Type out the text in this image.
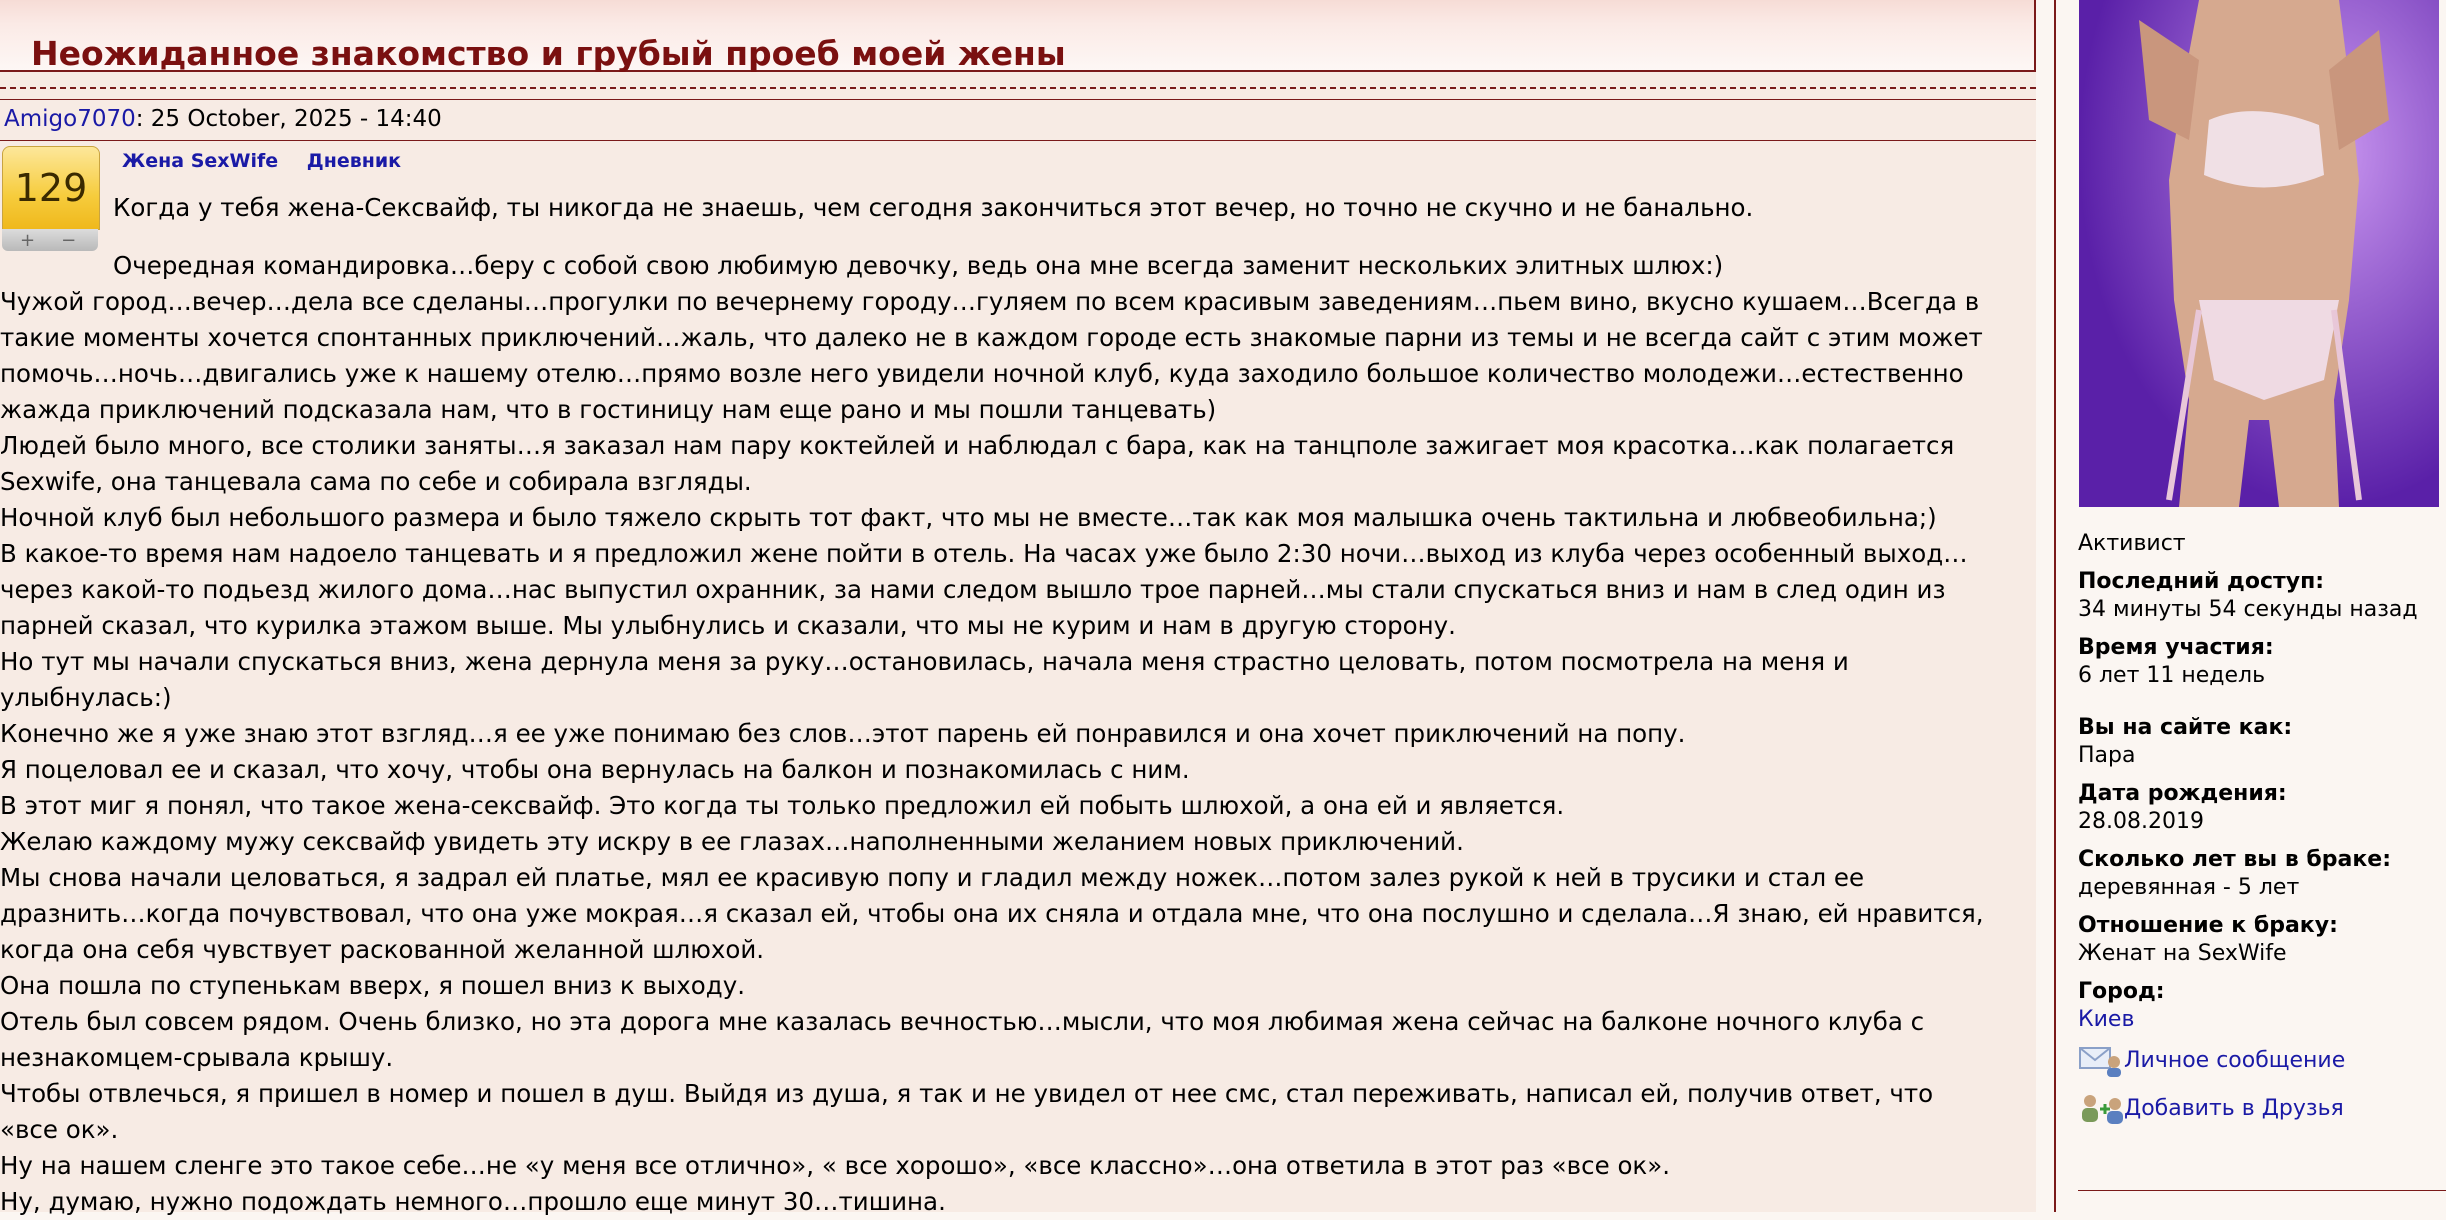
Неожиданное знакомство и грубый проеб моей жены
Amigo7070: 25 October, 2025 - 14:40
129
+ −
Жена SexWife Дневник

Когда у тебя жена-Сексвайф, ты никогда не знаешь, чем сегодня закончиться этот вечер, но точно не скучно и не банально.

Очередная командировка…беру с собой свою любимую девочку, ведь она мне всегда заменит нескольких элитных шлюх:)

Чужой город…вечер…дела все сделаны…прогулки по вечернему городу…гуляем по всем красивым заведениям…пьем вино, вкусно кушаем…Всегда в

такие моменты хочется спонтанных приключений…жаль, что далеко не в каждом городе есть знакомые парни из темы и не всегда сайт с этим может

помочь…ночь…двигались уже к нашему отелю…прямо возле него увидели ночной клуб, куда заходило большое количество молодежи…естественно

жажда приключений подсказала нам, что в гостиницу нам еще рано и мы пошли танцевать)

Людей было много, все столики заняты…я заказал нам пару коктейлей и наблюдал с бара, как на танцполе зажигает моя красотка…как полагается

Sexwife, она танцевала сама по себе и собирала взгляды.

Ночной клуб был небольшого размера и было тяжело скрыть тот факт, что мы не вместе…так как моя малышка очень тактильна и любвеобильна;)

В какое-то время нам надоело танцевать и я предложил жене пойти в отель. На часах уже было 2:30 ночи…выход из клуба через особенный выход…

через какой-то подьезд жилого дома…нас выпустил охранник, за нами следом вышло трое парней…мы стали спускаться вниз и нам в след один из

парней сказал, что курилка этажом выше. Мы улыбнулись и сказали, что мы не курим и нам в другую сторону.

Но тут мы начали спускаться вниз, жена дернула меня за руку…остановилась, начала меня страстно целовать, потом посмотрела на меня и

улыбнулась:)

Конечно же я уже знаю этот взгляд…я ее уже понимаю без слов…этот парень ей понравился и она хочет приключений на попу.

Я поцеловал ее и сказал, что хочу, чтобы она вернулась на балкон и познакомилась с ним.

В этот миг я понял, что такое жена-сексвайф. Это когда ты только предложил ей побыть шлюхой, а она ей и является.

Желаю каждому мужу сексвайф увидеть эту искру в ее глазах…наполненными желанием новых приключений.

Мы снова начали целоваться, я задрал ей платье, мял ее красивую попу и гладил между ножек…потом залез рукой к ней в трусики и стал ее

дразнить…когда почувствовал, что она уже мокрая…я сказал ей, чтобы она их сняла и отдала мне, что она послушно и сделала…Я знаю, ей нравится,

когда она себя чувствует раскованной желанной шлюхой.

Она пошла по ступенькам вверх, я пошел вниз к выходу.

Отель был совсем рядом. Очень близко, но эта дорога мне казалась вечностью…мысли, что моя любимая жена сейчас на балконе ночного клуба с

незнакомцем-срывала крышу.

Чтобы отвлечься, я пришел в номер и пошел в душ. Выйдя из душа, я так и не увидел от нее смс, стал переживать, написал ей, получив ответ, что

«все ок».

Ну на нашем сленге это такое себе…не «у меня все отлично», « все хорошо», «все классно»…она ответила в этот раз «все ок».

Ну, думаю, нужно подождать немного…прошло еще минут 30…тишина.

Активист
Последний доступ:
34 минуты 54 секунды назад
Время участия:
6 лет 11 недель
Вы на сайте как:
Пара
Дата рождения:
28.08.2019
Сколько лет вы в браке:
деревянная - 5 лет
Отношение к браку:
Женат на SexWife
Город:
Киев
Личное сообщение
Добавить в Друзья
